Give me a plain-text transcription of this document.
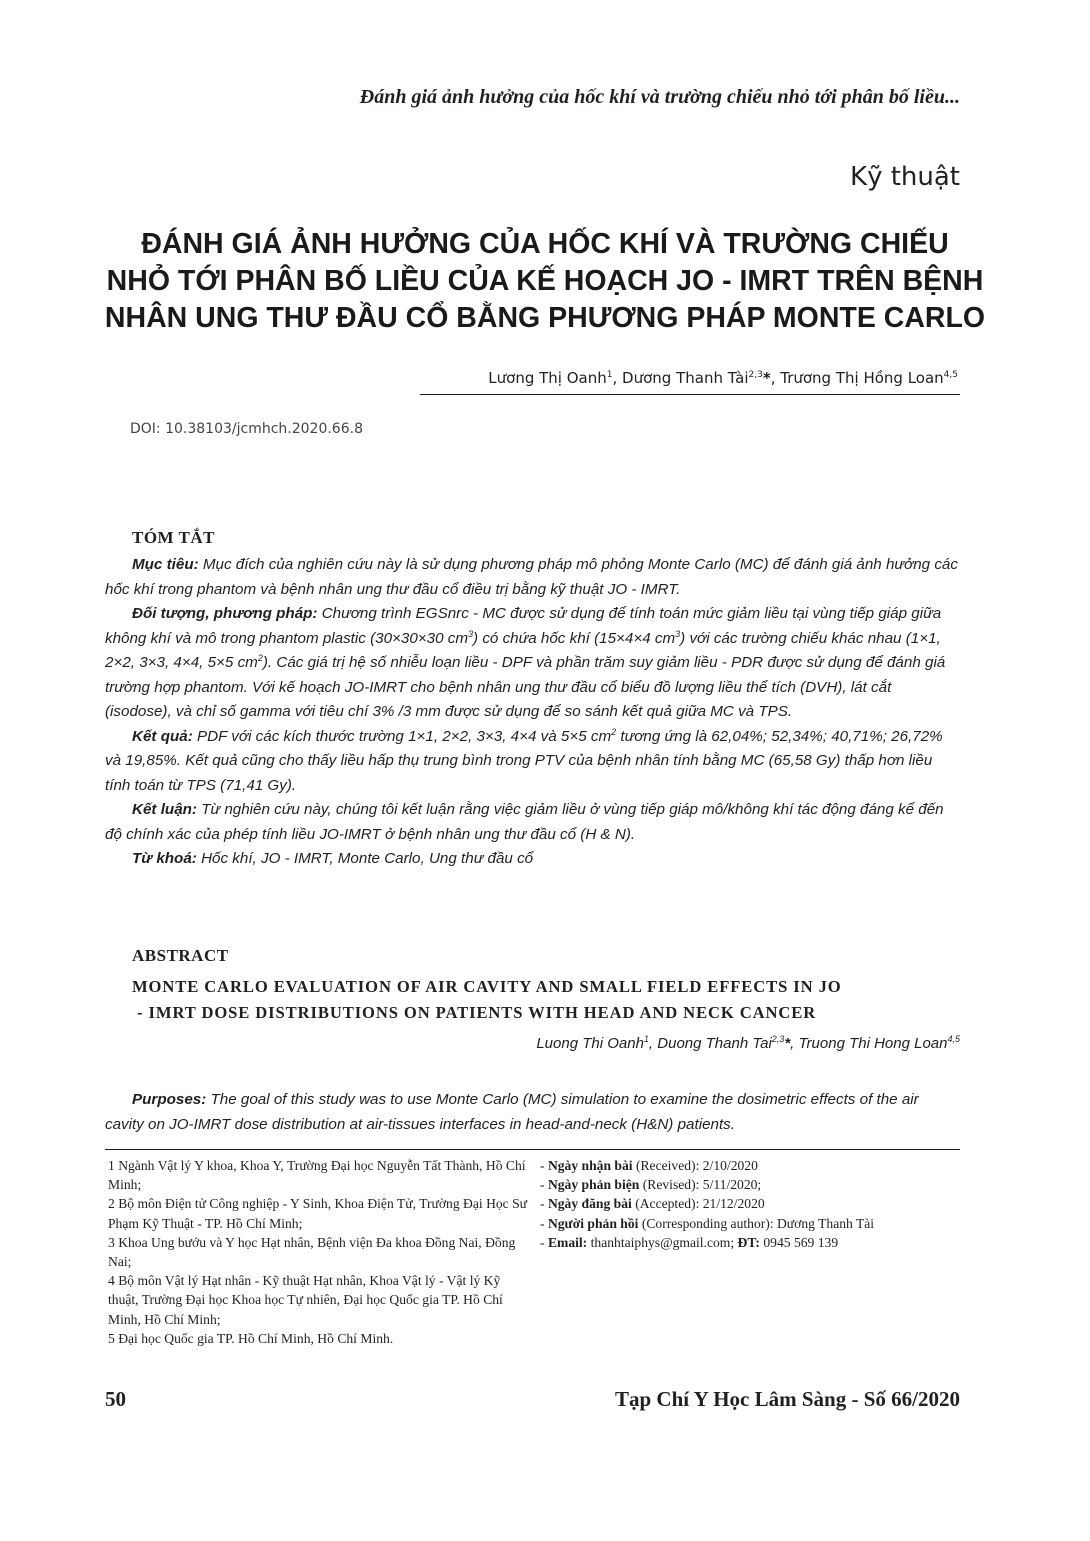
Đánh giá ảnh hưởng của hốc khí và trường chiếu nhỏ tới phân bố liều...
Kỹ thuật
ĐÁNH GIÁ ẢNH HƯỞNG CỦA HỐC KHÍ VÀ TRƯỜNG CHIẾU
NHỎ TỚI PHÂN BỐ LIỀU CỦA KẾ HOẠCH JO - IMRT TRÊN BỆNH
NHÂN UNG THƯ ĐẦU CỔ BẰNG PHƯƠNG PHÁP MONTE CARLO
Lương Thị Oanh$^1$, Dương Thanh Tài$^{2,3}$*, Trương Thị Hồng Loan$^{4,5}$
DOI: 10.38103/jcmhch.2020.66.8
TÓM TẮT

Mục tiêu: Mục đích của nghiên cứu này là sử dụng phương pháp mô phỏng Monte Carlo (MC) để đánh giá ảnh hưởng các hốc khí trong phantom và bệnh nhân ung thư đầu cổ điều trị bằng kỹ thuật JO - IMRT.

Đối tượng, phương pháp: Chương trình EGSnrc - MC được sử dụng để tính toán mức giảm liều tại vùng tiếp giáp giữa không khí và mô trong phantom plastic (30×30×30 $cm^3$) có chứa hốc khí (15×4×4 $cm^3$) với các trường chiếu khác nhau (1×1, 2×2, 3×3, 4×4, 5×5 $cm^2$). Các giá trị hệ số nhiễu loạn liều - DPF và phần trăm suy giảm liều - PDR được sử dụng để đánh giá trường hợp phantom. Với kế hoạch JO-IMRT cho bệnh nhân ung thư đầu cổ biểu đồ lượng liều thể tích (DVH), lát cắt (isodose), và chỉ số gamma với tiêu chí 3% /3 mm được sử dụng để so sánh kết quả giữa MC và TPS.

Kết quả: PDF với các kích thước trường 1×1, 2×2, 3×3, 4×4 và 5×5 $cm^2$ tương ứng là 62,04%; 52,34%; 40,71%; 26,72% và 19,85%. Kết quả cũng cho thấy liều hấp thụ trung bình trong PTV của bệnh nhân tính bằng MC (65,58 Gy) thấp hơn liều tính toán từ TPS (71,41 Gy).

Kết luận: Từ nghiên cứu này, chúng tôi kết luận rằng việc giảm liều ở vùng tiếp giáp mô/không khí tác động đáng kể đến độ chính xác của phép tính liều JO-IMRT ở bệnh nhân ung thư đầu cổ (H & N).

Từ khoá: Hốc khí, JO - IMRT, Monte Carlo, Ung thư đầu cổ

ABSTRACT
MONTE CARLO EVALUATION OF AIR CAVITY AND SMALL FIELD EFFECTS IN JO
- IMRT DOSE DISTRIBUTIONS ON PATIENTS WITH HEAD AND NECK CANCER
Luong Thi Oanh$^1$, Duong Thanh Tai$^{2,3}$*, Truong Thi Hong Loan$^{4,5}$

Purposes: The goal of this study was to use Monte Carlo (MC) simulation to examine the dosimetric effects of the air cavity on JO-IMRT dose distribution at air-tissues interfaces in head-and-neck (H&N) patients.

1 Ngành Vật lý Y khoa, Khoa Y, Trường Đại học Nguyễn Tất Thành, Hồ Chí Minh;
2 Bộ môn Điện tử Công nghiệp - Y Sinh, Khoa Điện Tử, Trường Đại Học Sư Phạm Kỹ Thuật - TP. Hồ Chí Minh;
3 Khoa Ung bướu và Y học Hạt nhân, Bệnh viện Đa khoa Đồng Nai, Đồng Nai;
4 Bộ môn Vật lý Hạt nhân - Kỹ thuật Hạt nhân, Khoa Vật lý - Vật lý Kỹ thuật, Trường Đại học Khoa học Tự nhiên, Đại học Quốc gia TP. Hồ Chí Minh, Hồ Chí Minh;
5 Đại học Quốc gia TP. Hồ Chí Minh, Hồ Chí Minh.
- Ngày nhận bài (Received): 2/10/2020
- Ngày phản biện (Revised): 5/11/2020;
- Ngày đăng bài (Accepted): 21/12/2020
- Người phản hồi (Corresponding author): Dương Thanh Tài
- Email: thanhtaiphys@gmail.com; ĐT: 0945 569 139
50	Tạp Chí Y Học Lâm Sàng - Số 66/2020
